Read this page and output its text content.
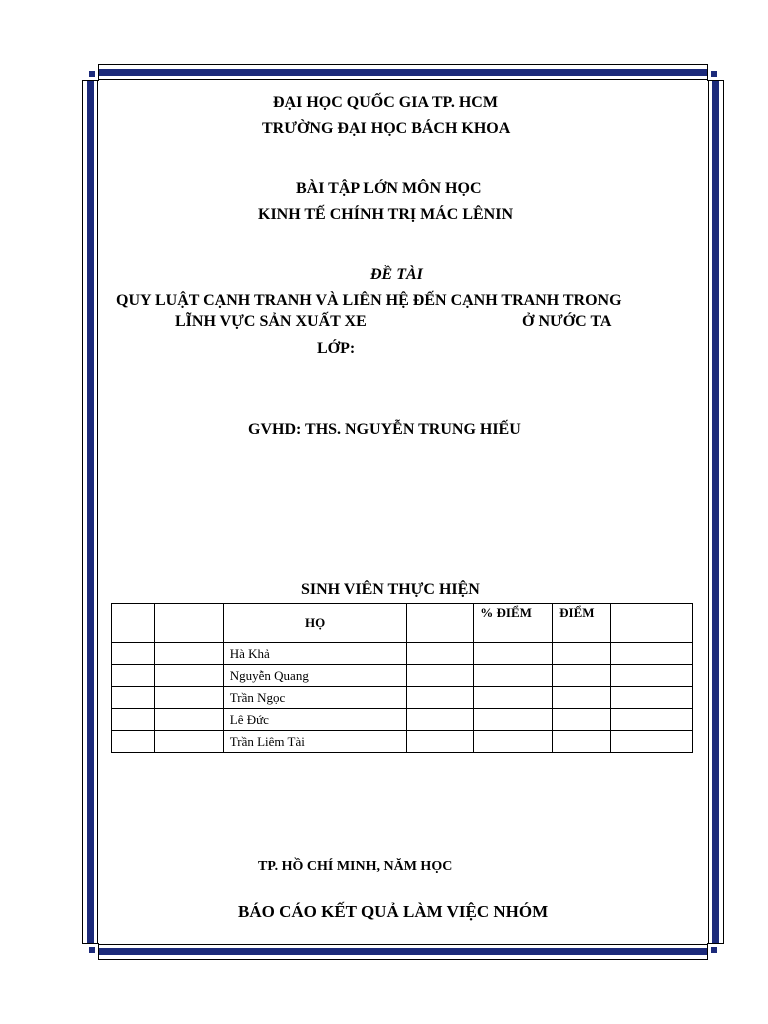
ĐẠI HỌC QUỐC GIA TP. HCM
TRƯỜNG ĐẠI HỌC BÁCH KHOA
BÀI TẬP LỚN MÔN HỌC
KINH TẾ CHÍNH TRỊ MÁC LÊNIN
ĐỀ TÀI
QUY LUẬT CẠNH TRANH VÀ LIÊN HỆ ĐẾN CẠNH TRANH TRONG
LĨNH VỰC SẢN XUẤT XE	Ở NƯỚC TA
LỚP:
GVHD: THS. NGUYỄN TRUNG HIẾU
SINH VIÊN THỰC HIỆN
		HỌ		% ĐIỂM	ĐIỂM	
		Hà Khả				
		Nguyễn Quang				
		Trần Ngọc				
		Lê Đức				
		Trần Liêm Tài				
TP. HỒ CHÍ MINH, NĂM HỌC
BÁO CÁO KẾT QUẢ LÀM VIỆC NHÓM
